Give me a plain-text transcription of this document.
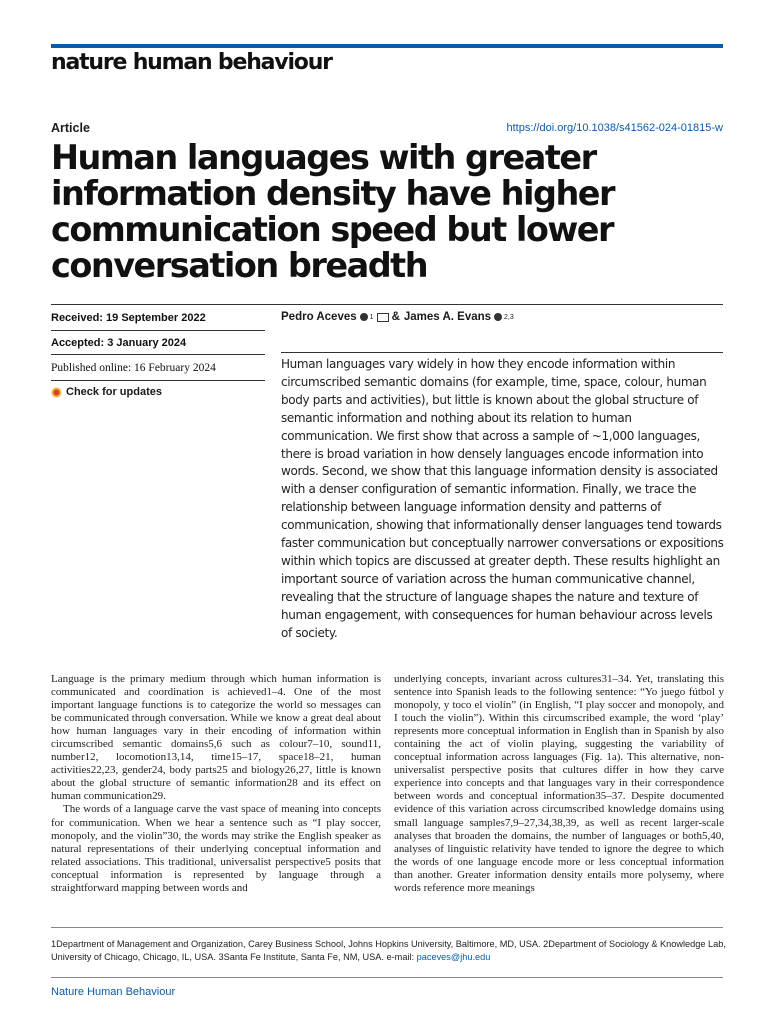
nature human behaviour
Article	https://doi.org/10.1038/s41562-024-01815-w
Human languages with greater information density have higher communication speed but lower conversation breadth
Received: 19 September 2022
Accepted: 3 January 2024
Published online: 16 February 2024
Check for updates
Pedro Aceves 1 & James A. Evans 2,3

Human languages vary widely in how they encode information within circumscribed semantic domains (for example, time, space, colour, human body parts and activities), but little is known about the global structure of semantic information and nothing about its relation to human communication. We first show that across a sample of ~1,000 languages, there is broad variation in how densely languages encode information into words. Second, we show that this language information density is associated with a denser configuration of semantic information. Finally, we trace the relationship between language information density and patterns of communication, showing that informationally denser languages tend towards faster communication but conceptually narrower conversations or expositions within which topics are discussed at greater depth. These results highlight an important source of variation across the human communicative channel, revealing that the structure of language shapes the nature and texture of human engagement, with consequences for human behaviour across levels of society.

Language is the primary medium through which human information is communicated and coordination is achieved1–4. One of the most important language functions is to categorize the world so messages can be communicated through conversation. While we know a great deal about how human languages vary in their encoding of information within circumscribed semantic domains5,6 such as colour7–10, sound11, number12, locomotion13,14, time15–17, space18–21, human activities22,23, gender24, body parts25 and biology26,27, little is known about the global structure of semantic information28 and its effect on human communication29.

The words of a language carve the vast space of meaning into concepts for communication. When we hear a sentence such as “I play soccer, monopoly, and the violin”30, the words may strike the English speaker as natural representations of their underlying conceptual information and related associations. This traditional, universalist perspective5 posits that conceptual information is represented by language through a straightforward mapping between words and

underlying concepts, invariant across cultures31–34. Yet, translating this sentence into Spanish leads to the following sentence: “Yo juego fútbol y monopoly, y toco el violín” (in English, “I play soccer and monopoly, and I touch the violin”). Within this circumscribed example, the word ‘play’ represents more conceptual information in English than in Spanish by also containing the act of violin playing, suggesting the variability of conceptual information across languages (Fig. 1a). This alternative, non-universalist perspective posits that cultures differ in how they carve experience into concepts and that languages vary in their correspondence between words and conceptual information35–37. Despite documented evidence of this variation across circumscribed knowledge domains using small language samples7,9–27,34,38,39, as well as recent larger-scale analyses that broaden the domains, the number of languages or both5,40, analyses of linguistic relativity have tended to ignore the degree to which the words of one language encode more or less conceptual information than another. Greater information density entails more polysemy, where words reference more meanings

1Department of Management and Organization, Carey Business School, Johns Hopkins University, Baltimore, MD, USA. 2Department of Sociology & Knowledge Lab, University of Chicago, Chicago, IL, USA. 3Santa Fe Institute, Santa Fe, NM, USA. e-mail: paceves@jhu.edu

Nature Human Behaviour
